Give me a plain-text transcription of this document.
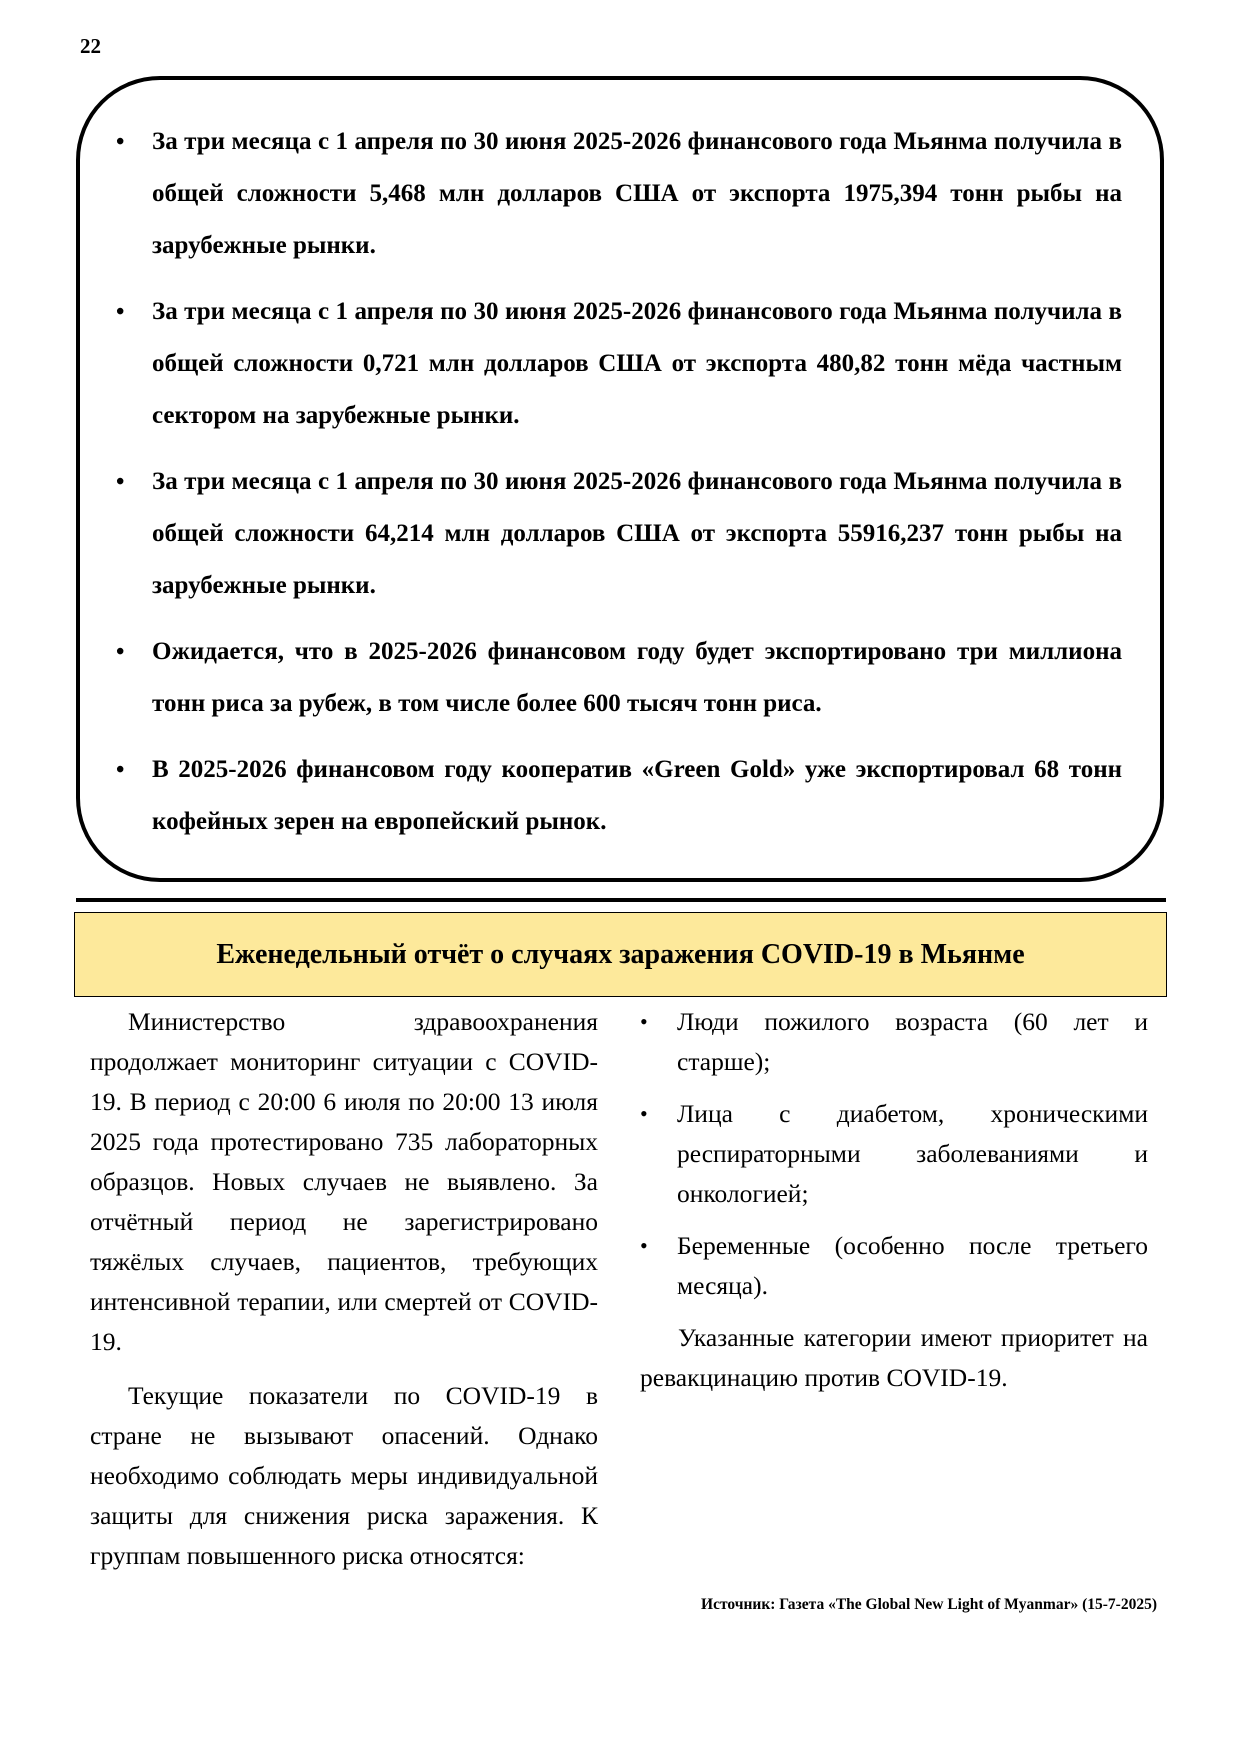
22
• За три месяца с 1 апреля по 30 июня 2025-2026 финансового года Мьянма получила в общей сложности 5,468 млн долларов США от экспорта 1975,394 тонн рыбы на зарубежные рынки.
• За три месяца с 1 апреля по 30 июня 2025-2026 финансового года Мьянма получила в общей сложности 0,721 млн долларов США от экспорта 480,82 тонн мёда частным сектором на зарубежные рынки.
• За три месяца с 1 апреля по 30 июня 2025-2026 финансового года Мьянма получила в общей сложности 64,214 млн долларов США от экспорта 55916,237 тонн рыбы на зарубежные рынки.
• Ожидается, что в 2025-2026 финансовом году будет экспортировано три миллиона тонн риса за рубеж, в том числе более 600 тысяч тонн риса.
• В 2025-2026 финансовом году кооператив «Green Gold» уже экспортировал 68 тонн кофейных зерен на европейский рынок.
Еженедельный отчёт о случаях заражения COVID-19 в Мьянме

Министерство здравоохранения продолжает мониторинг ситуации с COVID-19. В период с 20:00 6 июля по 20:00 13 июля 2025 года протестировано 735 лабораторных образцов. Новых случаев не выявлено. За отчётный период не зарегистрировано тяжёлых случаев, пациентов, требующих интенсивной терапии, или смертей от COVID-19.

Текущие показатели по COVID-19 в стране не вызывают опасений. Однако необходимо соблюдать меры индивидуальной защиты для снижения риска заражения. К группам повышенного риска относятся:

• Люди пожилого возраста (60 лет и старше);
• Лица с диабетом, хроническими респираторными заболеваниями и онкологией;
• Беременные (особенно после третьего месяца).

Указанные категории имеют приоритет на ревакцинацию против COVID-19.

Источник: Газета «The Global New Light of Myanmar» (15-7-2025)
